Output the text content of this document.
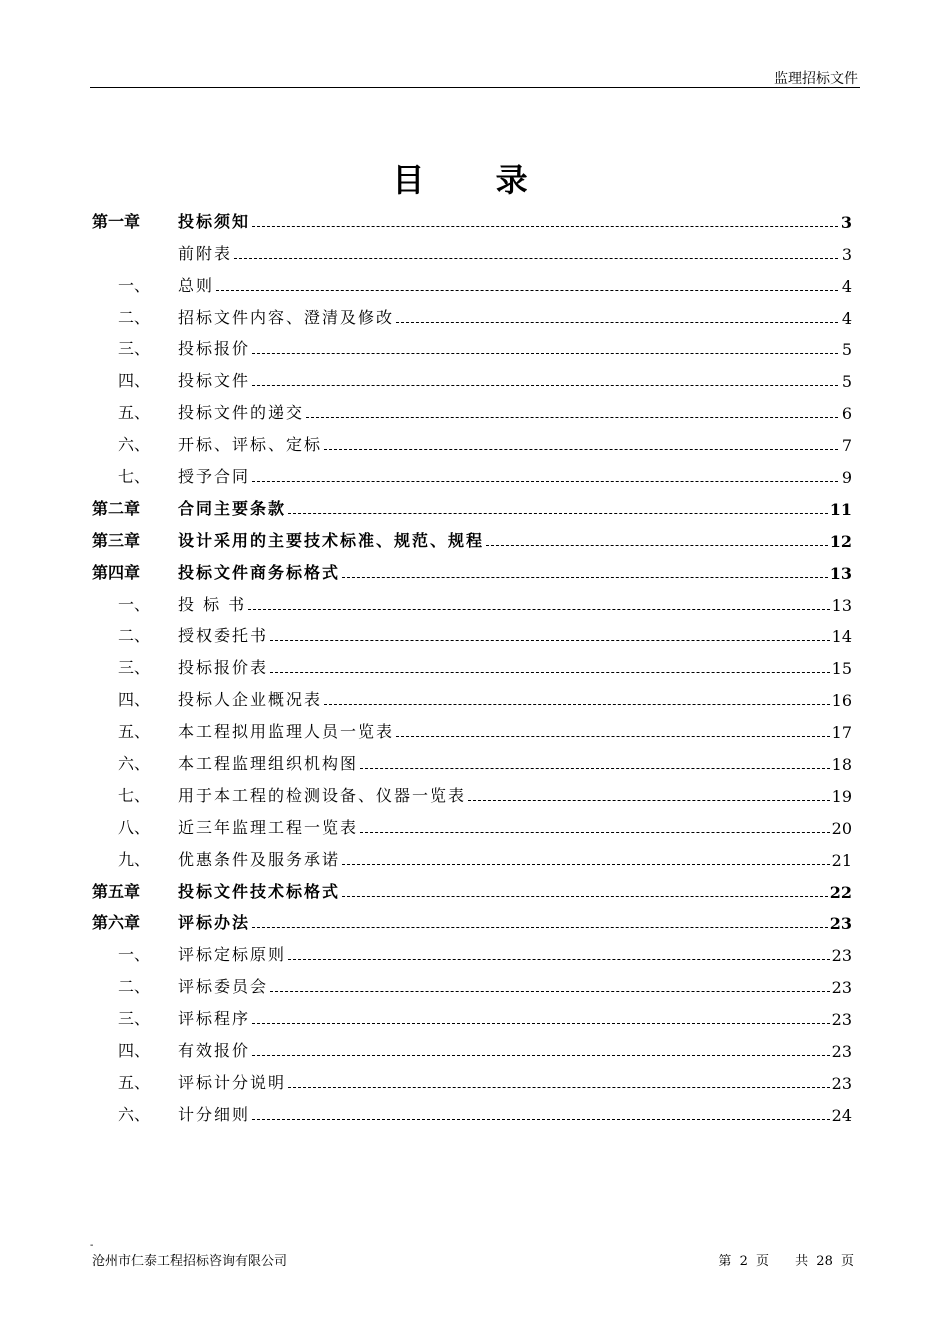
监理招标文件
目 录
第一章	投标须知	3
前附表	3
一、	总则	4
二、	招标文件内容、澄清及修改	4
三、	投标报价	5
四、	投标文件	5
五、	投标文件的递交	6
六、	开标、评标、定标	7
七、	授予合同	9
第二章	合同主要条款	11
第三章	设计采用的主要技术标准、规范、规程	12
第四章	投标文件商务标格式	13
一、	投 标 书	13
二、	授权委托书	14
三、	投标报价表	15
四、	投标人企业概况表	16
五、	本工程拟用监理人员一览表	17
六、	本工程监理组织机构图	18
七、	用于本工程的检测设备、仪器一览表	19
八、	近三年监理工程一览表	20
九、	优惠条件及服务承诺	21
第五章	投标文件技术标格式	22
第六章	评标办法	23
一、	评标定标原则	23
二、	评标委员会	23
三、	评标程序	23
四、	有效报价	23
五、	评标计分说明	23
六、	计分细则	24
-
沧州市仁泰工程招标咨询有限公司	第 2 页 共 28 页
